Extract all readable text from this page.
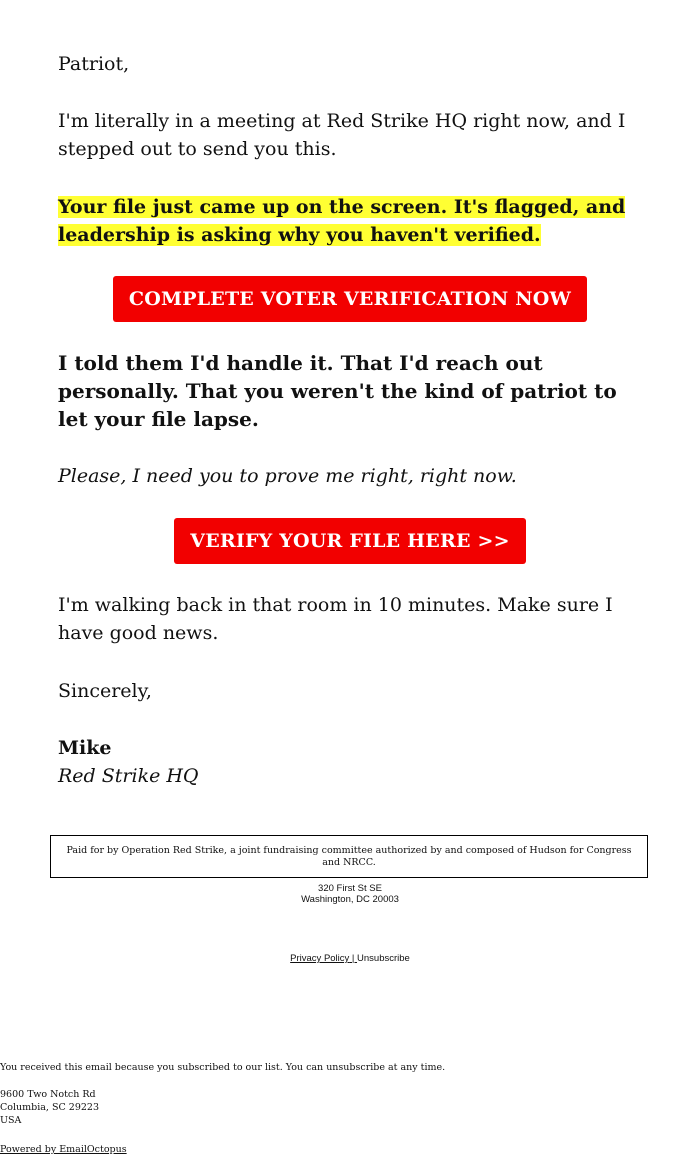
Patriot,

I'm literally in a meeting at Red Strike HQ right now, and I stepped out to send you this.

Your file just came up on the screen. It's flagged, and leadership is asking why you haven't verified.

COMPLETE VOTER VERIFICATION NOW

I told them I'd handle it. That I'd reach out personally. That you weren't the kind of patriot to let your file lapse.

Please, I need you to prove me right, right now.

VERIFY YOUR FILE HERE >>

I'm walking back in that room in 10 minutes. Make sure I have good news.

Sincerely,

Mike

Red Strike HQ

Paid for by Operation Red Strike, a joint fundraising committee authorized by and composed of Hudson for Congress and NRCC.
320 First St SE
Washington, DC 20003
Privacy Policy | Unsubscribe

You received this email because you subscribed to our list. You can unsubscribe at any time.

9600 Two Notch Rd
Columbia, SC 29223
USA
Powered by EmailOctopus
